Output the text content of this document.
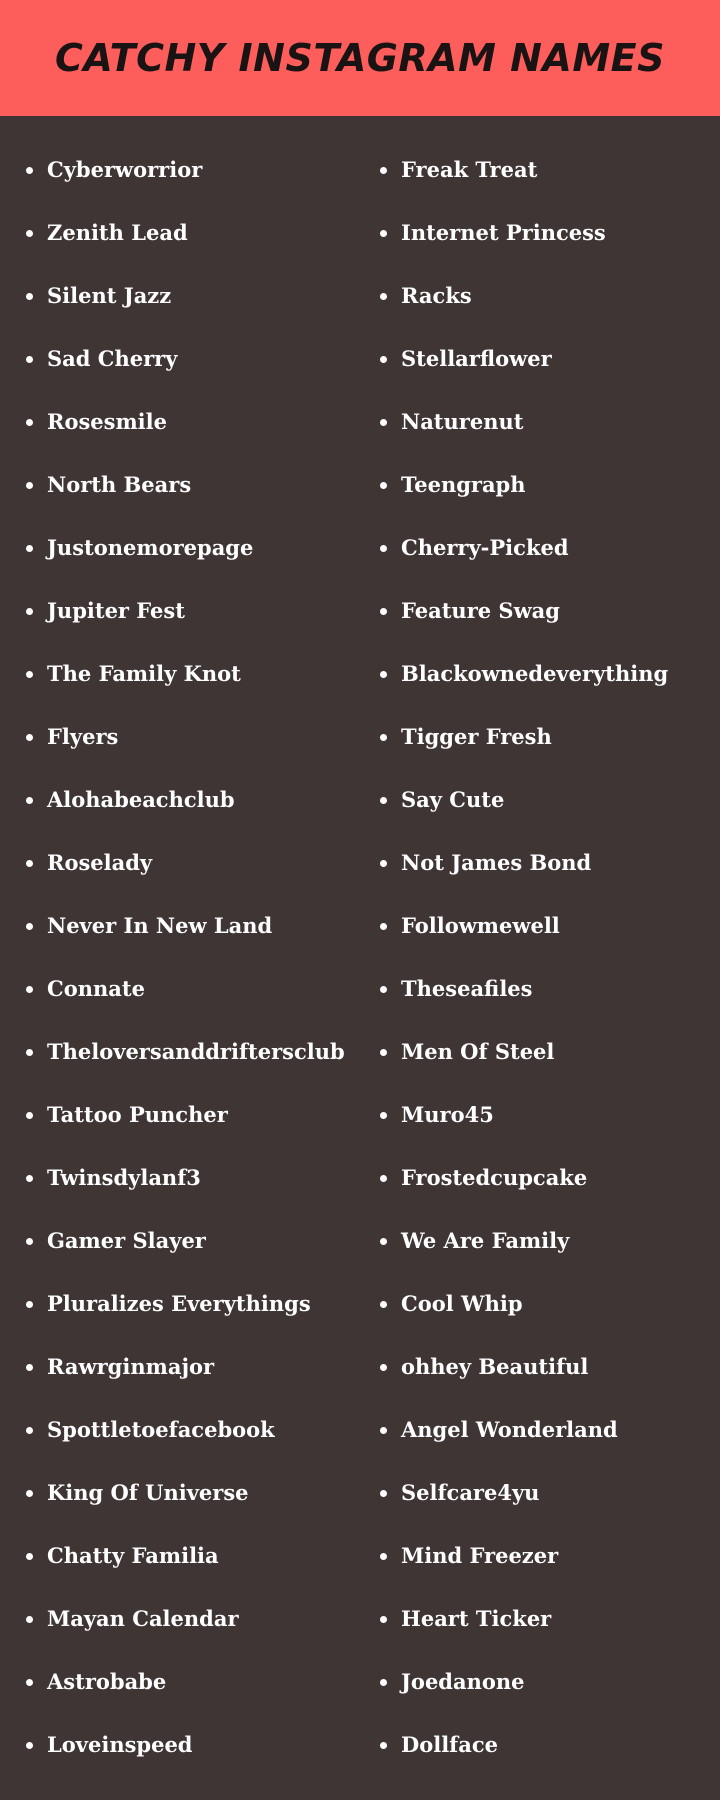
CATCHY INSTAGRAM NAMES
Cyberworrior
Zenith Lead
Silent Jazz
Sad Cherry
Rosesmile
North Bears
Justonemorepage
Jupiter Fest
The Family Knot
Flyers
Alohabeachclub
Roselady
Never In New Land
Connate
Theloversanddriftersclub
Tattoo Puncher
Twinsdylanf3
Gamer Slayer
Pluralizes Everythings
Rawrginmajor
Spottletoefacebook
King Of Universe
Chatty Familia
Mayan Calendar
Astrobabe
Loveinspeed
Freak Treat
Internet Princess
Racks
Stellarflower
Naturenut
Teengraph
Cherry-Picked
Feature Swag
Blackownedeverything
Tigger Fresh
Say Cute
Not James Bond
Followmewell
Theseafiles
Men Of Steel
Muro45
Frostedcupcake
We Are Family
Cool Whip
ohhey Beautiful
Angel Wonderland
Selfcare4yu
Mind Freezer
Heart Ticker
Joedanone
Dollface
